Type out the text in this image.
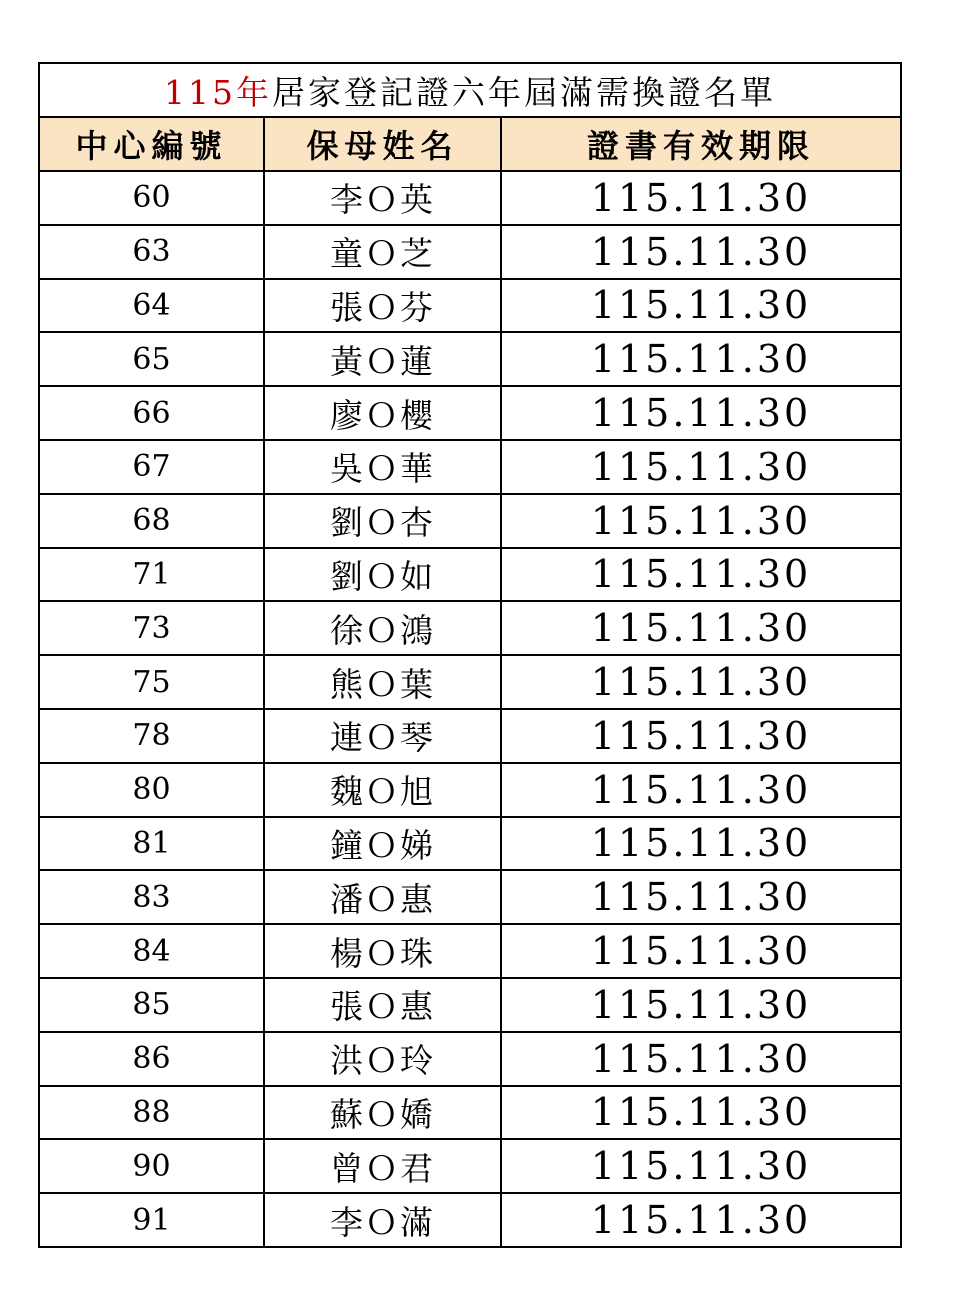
115年居家登記證六年屆滿需換證名單		
中心編號	保母姓名	證書有效期限
60	李Ｏ英	115.11.30
63	童Ｏ芝	115.11.30
64	張Ｏ芬	115.11.30
65	黃Ｏ蓮	115.11.30
66	廖Ｏ櫻	115.11.30
67	吳Ｏ華	115.11.30
68	劉Ｏ杏	115.11.30
71	劉Ｏ如	115.11.30
73	徐Ｏ鴻	115.11.30
75	熊Ｏ葉	115.11.30
78	連Ｏ琴	115.11.30
80	魏Ｏ旭	115.11.30
81	鐘Ｏ娣	115.11.30
83	潘Ｏ惠	115.11.30
84	楊Ｏ珠	115.11.30
85	張Ｏ惠	115.11.30
86	洪Ｏ玲	115.11.30
88	蘇Ｏ嬌	115.11.30
90	曾Ｏ君	115.11.30
91	李Ｏ滿	115.11.30
